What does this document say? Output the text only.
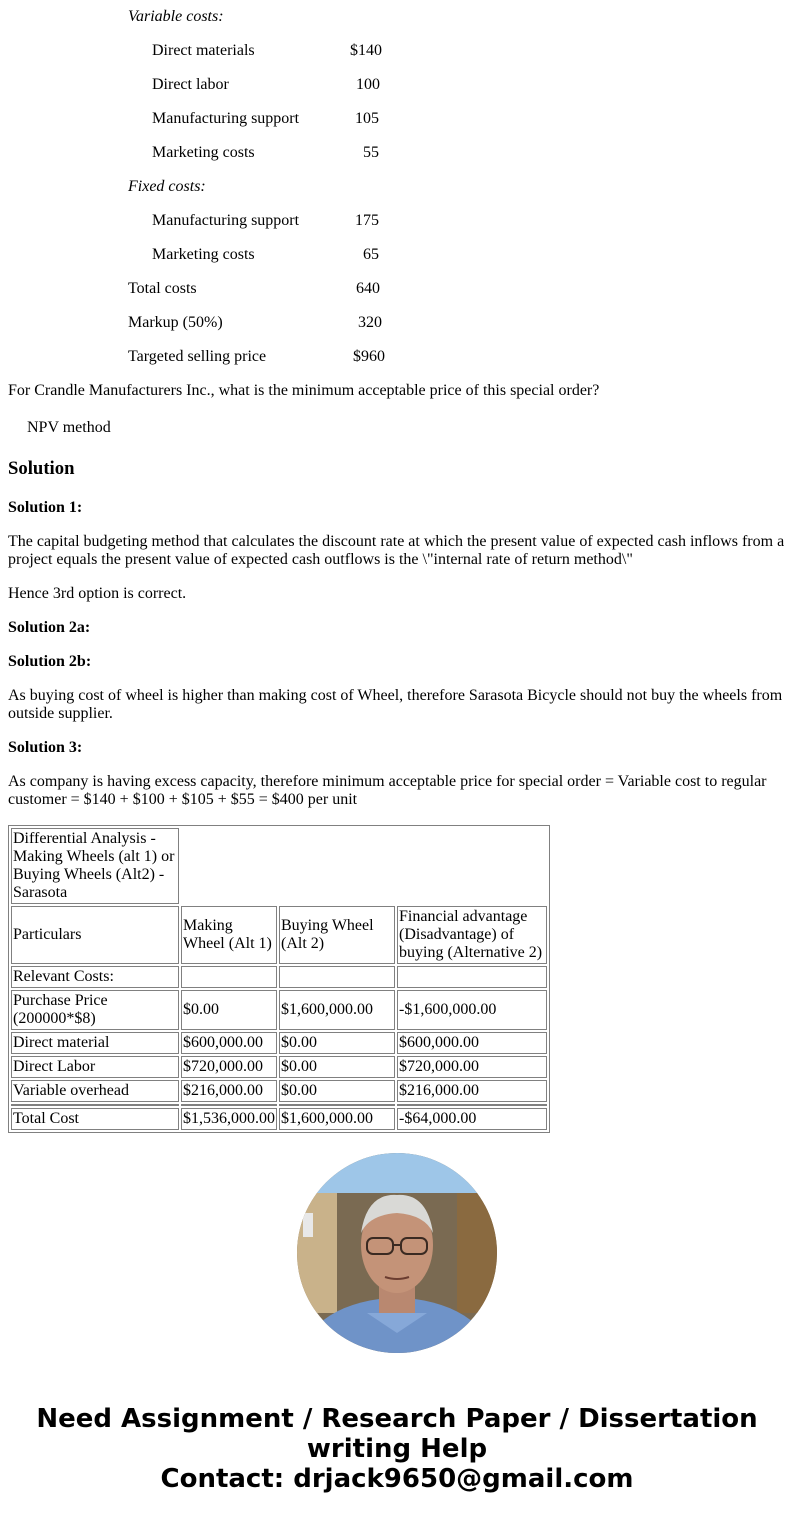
Variable costs:
Direct materials	$140
Direct labor	100
Manufacturing support	105
Marketing costs	55
Fixed costs:
Manufacturing support	175
Marketing costs	65
Total costs	640
Markup (50%)	320
Targeted selling price	$960

For Crandle Manufacturers Inc., what is the minimum acceptable price of this special order?

NPV method

Solution

Solution 1:

The capital budgeting method that calculates the discount rate at which the present value of expected cash inflows from a project equals the present value of expected cash outflows is the \"internal rate of return method\"

Hence 3rd option is correct.

Solution 2a:

Solution 2b:

As buying cost of wheel is higher than making cost of Wheel, therefore Sarasota Bicycle should not buy the wheels from outside supplier.

Solution 3:

As company is having excess capacity, therefore minimum acceptable price for special order = Variable cost to regular customer = $140 + $100 + $105 + $55 = $400 per unit

Differential Analysis - Making Wheels (alt 1) or Buying Wheels (Alt2) - Sarasota			
Particulars	Making Wheel (Alt 1)	Buying Wheel (Alt 2)	Financial advantage (Disadvantage) of buying (Alternative 2)
Relevant Costs:			
Purchase Price (200000*$8)	$0.00	$1,600,000.00	-$1,600,000.00
Direct material	$600,000.00	$0.00	$600,000.00
Direct Labor	$720,000.00	$0.00	$720,000.00
Variable overhead	$216,000.00	$0.00	$216,000.00

Total Cost	$1,536,000.00	$1,600,000.00	-$64,000.00
Need Assignment / Research Paper / Dissertation
writing Help
Contact: drjack9650@gmail.com
